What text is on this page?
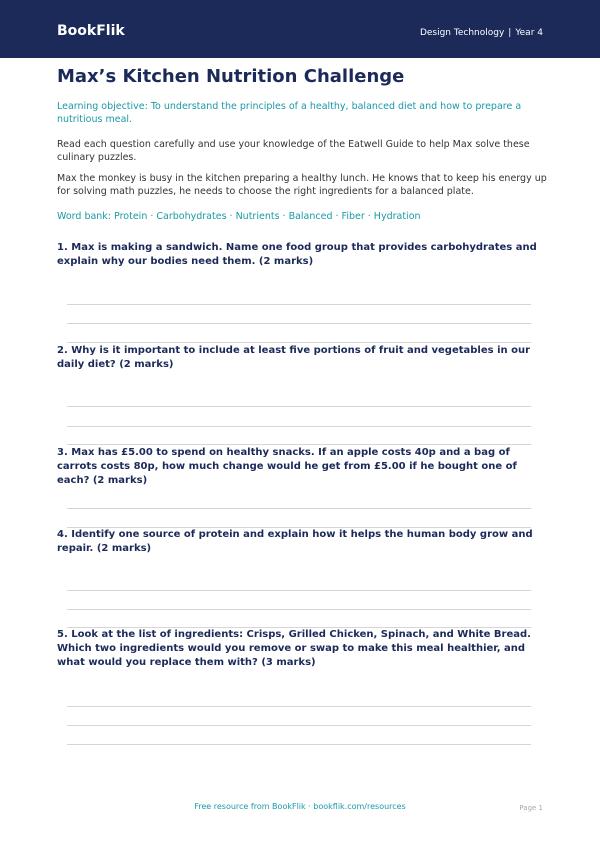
BookFlik	Design Technology | Year 4
Max’s Kitchen Nutrition Challenge
Learning objective: To understand the principles of a healthy, balanced diet and how to prepare a nutritious meal.
Read each question carefully and use your knowledge of the Eatwell Guide to help Max solve these culinary puzzles.
Max the monkey is busy in the kitchen preparing a healthy lunch. He knows that to keep his energy up for solving math puzzles, he needs to choose the right ingredients for a balanced plate.
Word bank: Protein · Carbohydrates · Nutrients · Balanced · Fiber · Hydration
1. Max is making a sandwich. Name one food group that provides carbohydrates and explain why our bodies need them. (2 marks)
2. Why is it important to include at least five portions of fruit and vegetables in our daily diet? (2 marks)
3. Max has £5.00 to spend on healthy snacks. If an apple costs 40p and a bag of carrots costs 80p, how much change would he get from £5.00 if he bought one of each? (2 marks)
4. Identify one source of protein and explain how it helps the human body grow and repair. (2 marks)
5. Look at the list of ingredients: Crisps, Grilled Chicken, Spinach, and White Bread. Which two ingredients would you remove or swap to make this meal healthier, and what would you replace them with? (3 marks)
Free resource from BookFlik · bookflik.com/resources	Page 1
